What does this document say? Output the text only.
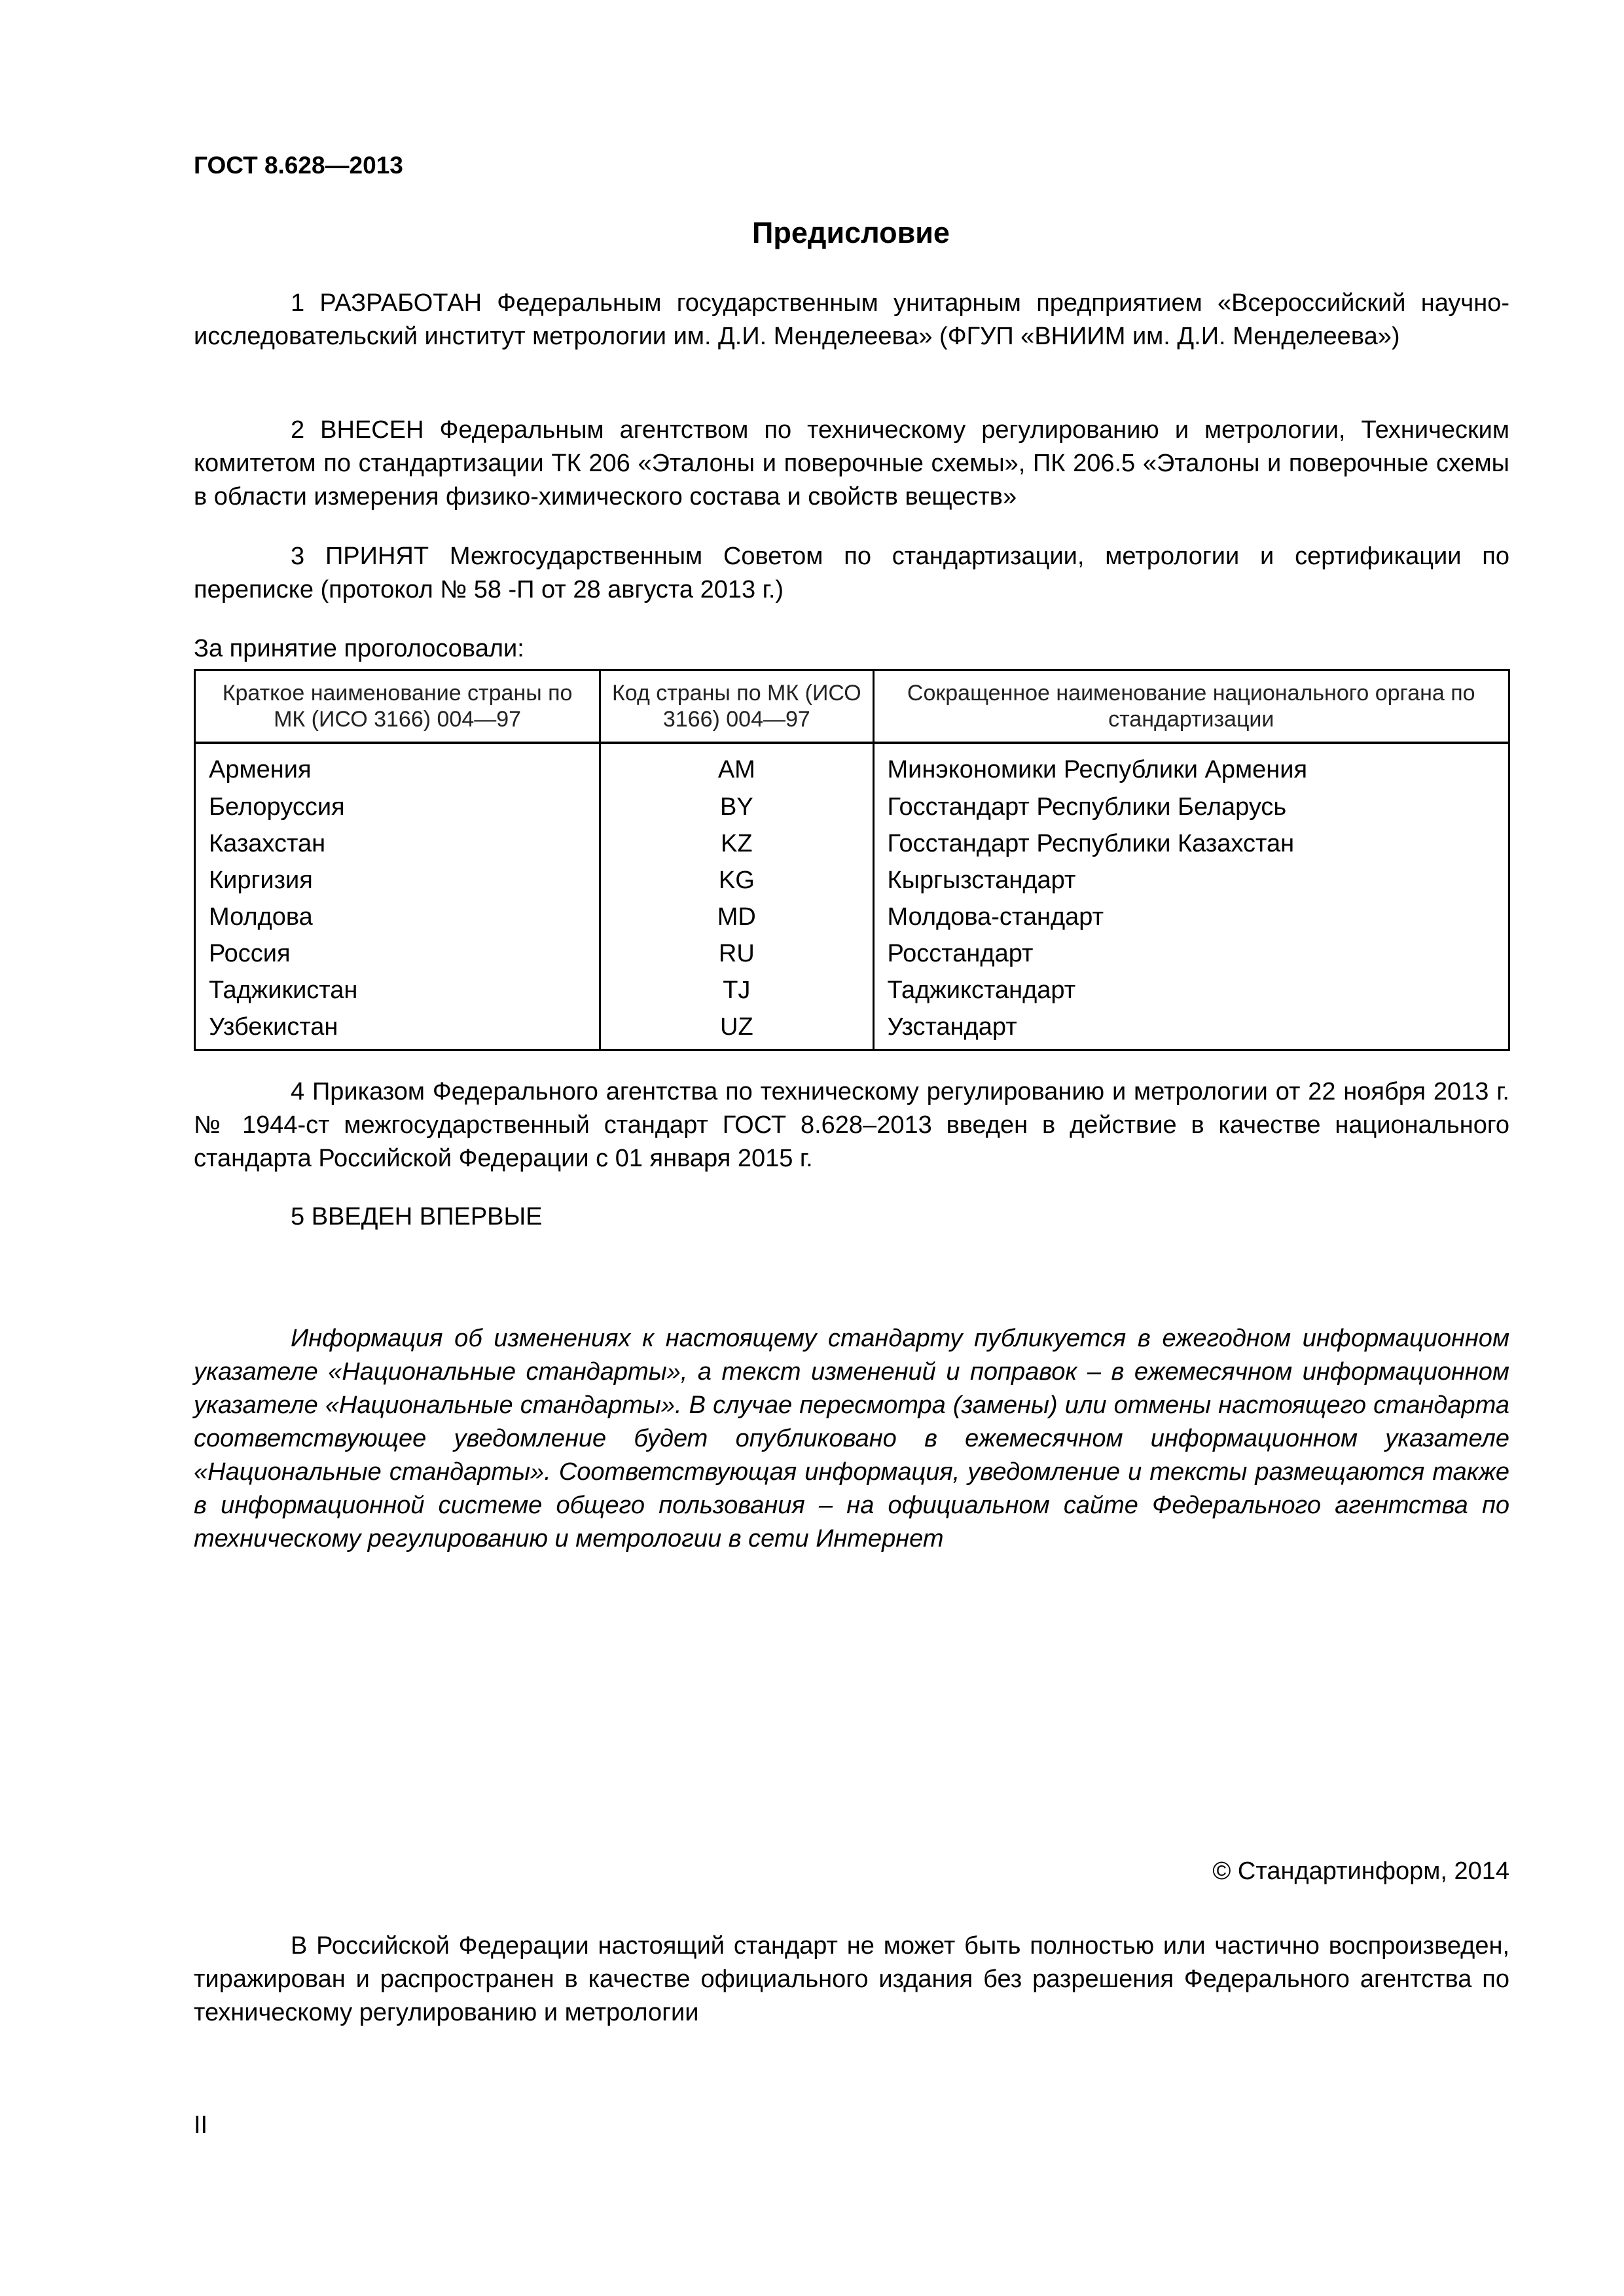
ГОСТ 8.628—2013
Предисловие
1 РАЗРАБОТАН Федеральным государственным унитарным предприятием «Всероссийский научно-исследовательский институт метрологии им. Д.И. Менделеева» (ФГУП «ВНИИМ им. Д.И. Менделеева»)
2 ВНЕСЕН Федеральным агентством по техническому регулированию и метрологии, Техническим комитетом по стандартизации ТК 206 «Эталоны и поверочные схемы», ПК 206.5 «Эталоны и поверочные схемы в области измерения физико-химического состава и свойств веществ»
3 ПРИНЯТ Межгосударственным Советом по стандартизации, метрологии и сертификации по переписке (протокол № 58 -П от 28 августа 2013 г.)
За принятие проголосовали:
Краткое наименование страны по МК (ИСО 3166) 004—97	Код страны по МК (ИСО 3166) 004—97	Сокращенное наименование национального органа по стандартизации
Армения	AM	Минэкономики Республики Армения
Белоруссия	BY	Госстандарт Республики Беларусь
Казахстан	KZ	Госстандарт Республики Казахстан
Киргизия	KG	Кыргызстандарт
Молдова	MD	Молдова-стандарт
Россия	RU	Росстандарт
Таджикистан	TJ	Таджикстандарт
Узбекистан	UZ	Узстандарт
4 Приказом Федерального агентства по техническому регулированию и метрологии от 22 ноября 2013 г. № 1944-ст межгосударственный стандарт ГОСТ 8.628–2013 введен в действие в качестве национального стандарта Российской Федерации с 01 января 2015 г.
5 ВВЕДЕН ВПЕРВЫЕ
Информация об изменениях к настоящему стандарту публикуется в ежегодном информационном указателе «Национальные стандарты», а текст изменений и поправок – в ежемесячном информационном указателе «Национальные стандарты». В случае пересмотра (замены) или отмены настоящего стандарта соответствующее уведомление будет опубликовано в ежемесячном информационном указателе «Национальные стандарты». Соответствующая информация, уведомление и тексты размещаются также в информационной системе общего пользования – на официальном сайте Федерального агентства по техническому регулированию и метрологии в сети Интернет
© Стандартинформ, 2014
В Российской Федерации настоящий стандарт не может быть полностью или частично воспроизведен, тиражирован и распространен в качестве официального издания без разрешения Федерального агентства по техническому регулированию и метрологии
II
